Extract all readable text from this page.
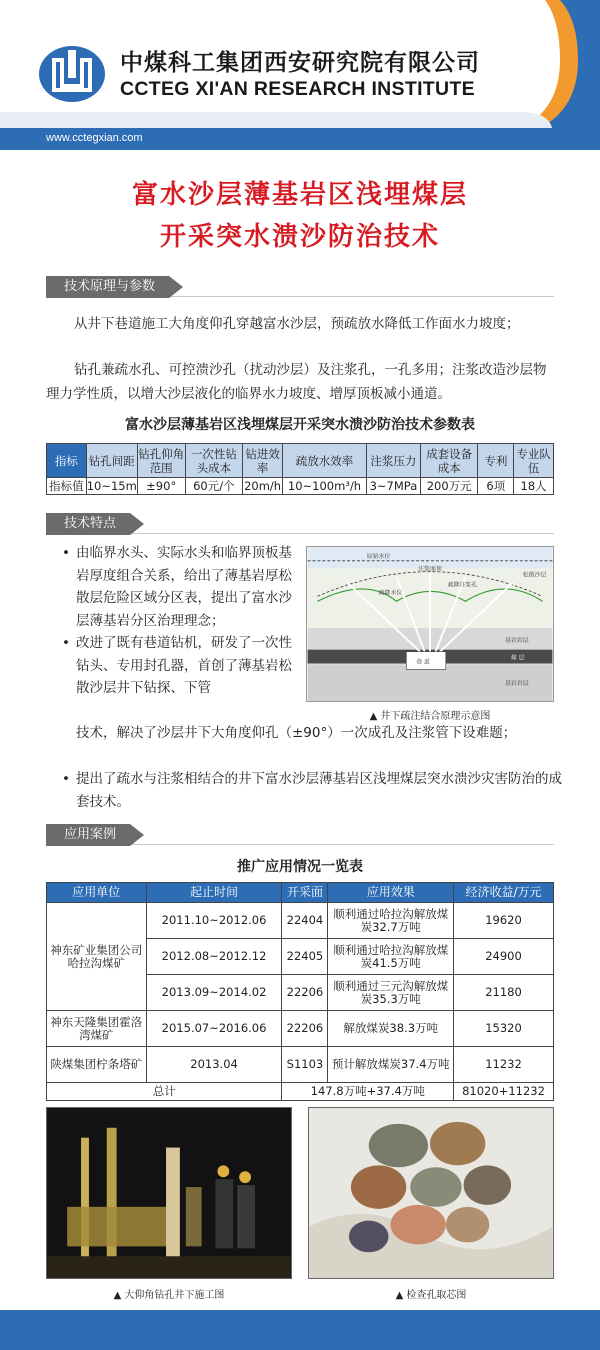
中煤科工集团西安研究院有限公司
CCTEG XI'AN RESEARCH INSTITUTE
www.cctegxian.com
富水沙层薄基岩区浅埋煤层
开采突水溃沙防治技术
技术原理与参数
从井下巷道施工大角度仰孔穿越富水沙层，预疏放水降低工作面水力坡度；
钻孔兼疏水孔、可控溃沙孔（扰动沙层）及注浆孔，一孔多用；注浆改造沙层物理力学性质，以增大沙层液化的临界水力坡度、增厚顶板减小通道。
富水沙层薄基岩区浅埋煤层开采突水溃沙防治技术参数表
指标	钻孔间距	钻孔仰角范围	一次性钻头成本	钻进效率	疏放水效率	注浆压力	成套设备成本	专利	专业队伍
指标值	10~15m	±90°	60元/个	20m/h	10~100m³/h	3~7MPa	200万元	6项	18人
技术特点
• 由临界水头、实际水头和临界顶板基岩厚度组合关系，给出了薄基岩厚松散层危险区域分区表，提出了富水沙层薄基岩分区治理理念；
• 改进了既有巷道钻机，研发了一次性钻头、专用封孔器，首创了薄基岩松散沙层井下钻探、下管
技术，解决了沙层井下大角度仰孔（±90°）一次成孔及注浆管下设难题；
• 提出了疏水与注浆相结合的井下富水沙层薄基岩区浅埋煤层突水溃沙灾害防治的成套技术。
原始水位
注浆面顶
疏降注浆孔
疏降水位
松散沙层
基岩岩层
煤 层
巷 道
基岩岩层
▲ 井下疏注结合原理示意图
应用案例
推广应用情况一览表
应用单位	起止时间	开采面	应用效果	经济收益/万元
神东矿业集团公司哈拉沟煤矿	2011.10~2012.06	22404	顺利通过哈拉沟解放煤炭32.7万吨	19620
	2012.08~2012.12	22405	顺利通过哈拉沟解放煤炭41.5万吨	24900
	2013.09~2014.02	22206	顺利通过三元沟解放煤炭35.3万吨	21180
神东天隆集团霍洛湾煤矿	2015.07~2016.06	22206	解放煤炭38.3万吨	15320
陕煤集团柠条塔矿	2013.04	S1103	预计解放煤炭37.4万吨	11232
总计		147.8万吨+37.4万吨		81020+11232
▲ 大仰角钻孔井下施工图	▲ 检查孔取芯图
